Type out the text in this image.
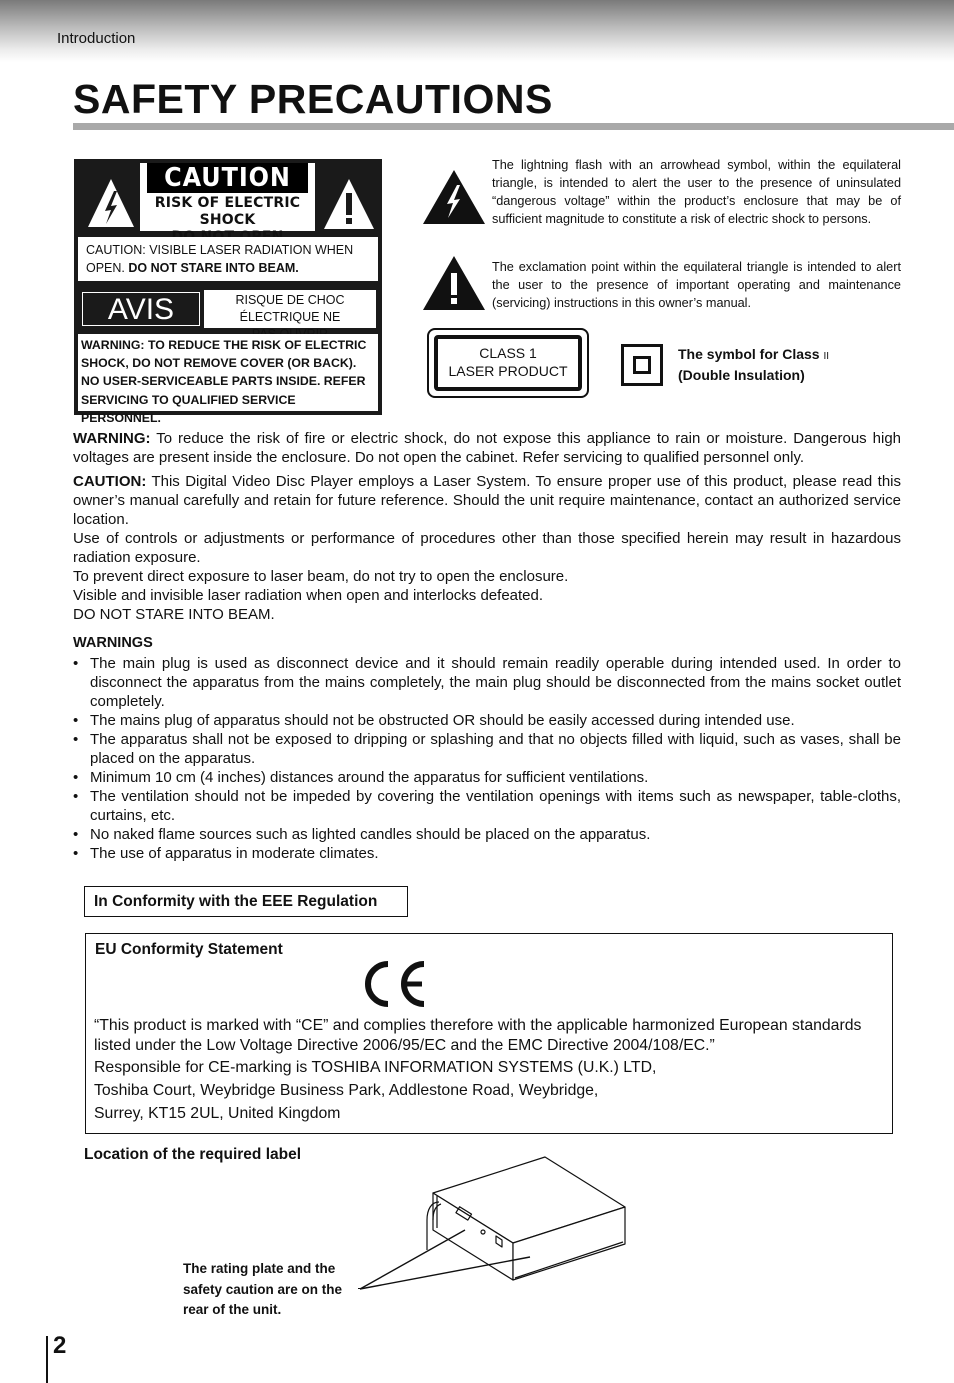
Introduction
SAFETY PRECAUTIONS
CAUTION
RISK OF ELECTRIC SHOCK
CAUTION: VISIBLE LASER RADIATION WHEN OPEN. DO NOT STARE INTO BEAM.
AVIS	RISQUE DE CHOC ÉLECTRIQUE NE
WARNING: TO REDUCE THE RISK OF ELECTRIC
SHOCK, DO NOT REMOVE COVER (OR BACK).
NO USER-SERVICEABLE PARTS INSIDE. REFER
SERVICING TO QUALIFIED SERVICE PERSONNEL.
The lightning flash with an arrowhead symbol, within the equilateral triangle, is intended to alert the user to the presence of uninsulated “dangerous voltage” within the product’s enclosure that may be of sufficient magnitude to constitute a risk of electric shock to persons.
The exclamation point within the equilateral triangle is intended to alert the user to the presence of important operating and maintenance (servicing) instructions in this owner’s manual.
CLASS 1
LASER PRODUCT
The symbol for Class II
(Double Insulation)
WARNING: To reduce the risk of fire or electric shock, do not expose this appliance to rain or moisture. Dangerous high voltages are present inside the enclosure. Do not open the cabinet. Refer servicing to qualified personnel only.
CAUTION: This Digital Video Disc Player employs a Laser System. To ensure proper use of this product, please read this owner’s manual carefully and retain for future reference. Should the unit require maintenance, contact an authorized service location.
Use of controls or adjustments or performance of procedures other than those specified herein may result in hazardous radiation exposure.
To prevent direct exposure to laser beam, do not try to open the enclosure.
Visible and invisible laser radiation when open and interlocks defeated.
DO NOT STARE INTO BEAM.
WARNINGS
• The main plug is used as disconnect device and it should remain readily operable during intended used. In order to disconnect the apparatus from the mains completely, the main plug should be disconnected from the mains socket outlet completely.
• The mains plug of apparatus should not be obstructed OR should be easily accessed during intended use.
• The apparatus shall not be exposed to dripping or splashing and that no objects filled with liquid, such as vases, shall be placed on the apparatus.
• Minimum 10 cm (4 inches) distances around the apparatus for sufficient ventilations.
• The ventilation should not be impeded by covering the ventilation openings with items such as newspaper, table-cloths, curtains, etc.
• No naked flame sources such as lighted candles should be placed on the apparatus.
• The use of apparatus in moderate climates.
In Conformity with the EEE Regulation
EU Conformity Statement
“This product is marked with “CE” and complies therefore with the applicable harmonized European standards listed under the Low Voltage Directive 2006/95/EC and the EMC Directive 2004/108/EC.”
Responsible for CE-marking is TOSHIBA INFORMATION SYSTEMS (U.K.) LTD,
Toshiba Court, Weybridge Business Park, Addlestone Road, Weybridge,
Surrey, KT15 2UL, United Kingdom
Location of the required label
The rating plate and the
safety caution are on the
rear of the unit.
2
